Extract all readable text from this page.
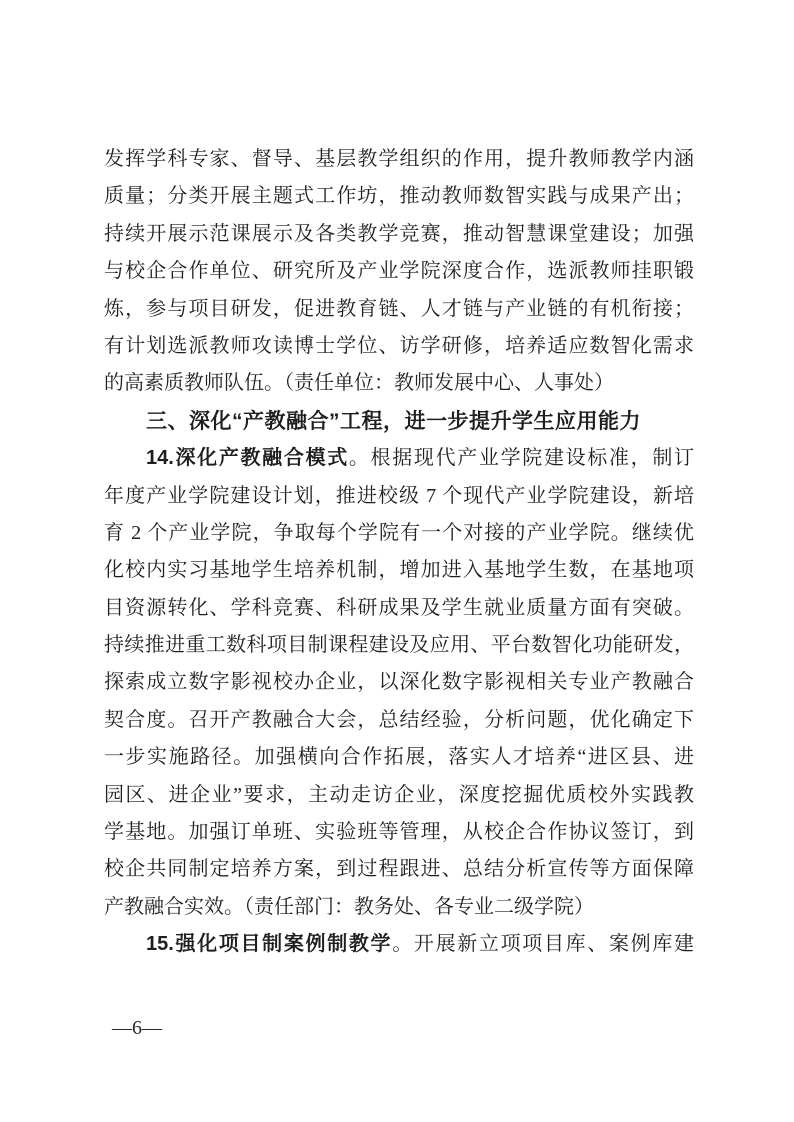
发挥学科专家、督导、基层教学组织的作用，提升教师教学内涵
质量；分类开展主题式工作坊，推动教师数智实践与成果产出；
持续开展示范课展示及各类教学竞赛，推动智慧课堂建设；加强
与校企合作单位、研究所及产业学院深度合作，选派教师挂职锻
炼，参与项目研发，促进教育链、人才链与产业链的有机衔接；
有计划选派教师攻读博士学位、访学研修，培养适应数智化需求
的高素质教师队伍。（责任单位：教师发展中心、人事处）
三、深化“产教融合”工程，进一步提升学生应用能力
14.深化产教融合模式。根据现代产业学院建设标准，制订
年度产业学院建设计划，推进校级 7 个现代产业学院建设，新培
育 2 个产业学院，争取每个学院有一个对接的产业学院。继续优
化校内实习基地学生培养机制，增加进入基地学生数，在基地项
目资源转化、学科竞赛、科研成果及学生就业质量方面有突破。
持续推进重工数科项目制课程建设及应用、平台数智化功能研发，
探索成立数字影视校办企业，以深化数字影视相关专业产教融合
契合度。召开产教融合大会，总结经验，分析问题，优化确定下
一步实施路径。加强横向合作拓展，落实人才培养“进区县、进
园区、进企业”要求，主动走访企业，深度挖掘优质校外实践教
学基地。加强订单班、实验班等管理，从校企合作协议签订，到
校企共同制定培养方案，到过程跟进、总结分析宣传等方面保障
产教融合实效。（责任部门：教务处、各专业二级学院）
15.强化项目制案例制教学。开展新立项项目库、案例库建
—6—
